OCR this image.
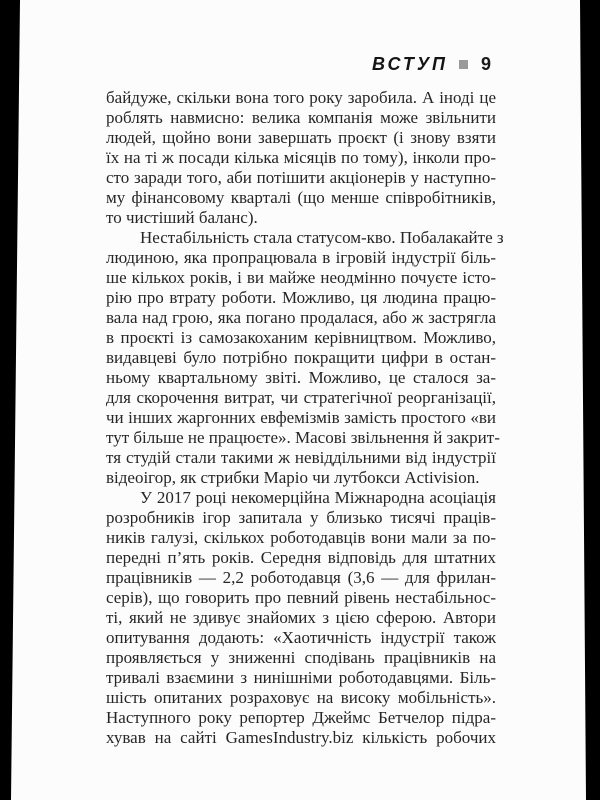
ВСТУП 9
байдуже, скільки вона того року заробила. А іноді це
роблять навмисно: велика компанія може звільнити
людей, щойно вони завершать проєкт (і знову взяти
їх на ті ж посади кілька місяців по тому), інколи про-
сто заради того, аби потішити акціонерів у наступно-
му фінансовому кварталі (що менше співробітників,
то чистіший баланс).
Нестабільність стала статусом-кво. Побалакайте з
людиною, яка пропрацювала в ігровій індустрії біль-
ше кількох років, і ви майже неодмінно почуєте істо-
рію про втрату роботи. Можливо, ця людина працю-
вала над грою, яка погано продалася, або ж застрягла
в проєкті із самозакоханим керівництвом. Можливо,
видавцеві було потрібно покращити цифри в остан-
ньому квартальному звіті. Можливо, це сталося за-
для скорочення витрат, чи стратегічної реорганізації,
чи інших жаргонних евфемізмів замість простого «ви
тут більше не працюєте». Масові звільнення й закрит-
тя студій стали такими ж невіддільними від індустрії
відеоігор, як стрибки Маріо чи лутбокси Activision.
У 2017 році некомерційна Міжнародна асоціація
розробників ігор запитала у близько тисячі праців-
ників галузі, скількох роботодавців вони мали за по-
передні п’ять років. Середня відповідь для штатних
працівників — 2,2 роботодавця (3,6 — для фрилан-
серів), що говорить про певний рівень нестабільнос-
ті, який не здивує знайомих з цією сферою. Автори
опитування додають: «Хаотичність індустрії також
проявляється у зниженні сподівань працівників на
тривалі взаємини з нинішніми роботодавцями. Біль-
шість опитаних розраховує на високу мобільність».
Наступного року репортер Джеймс Бетчелор підра-
хував на сайті GamesIndustry.biz кількість робочих
